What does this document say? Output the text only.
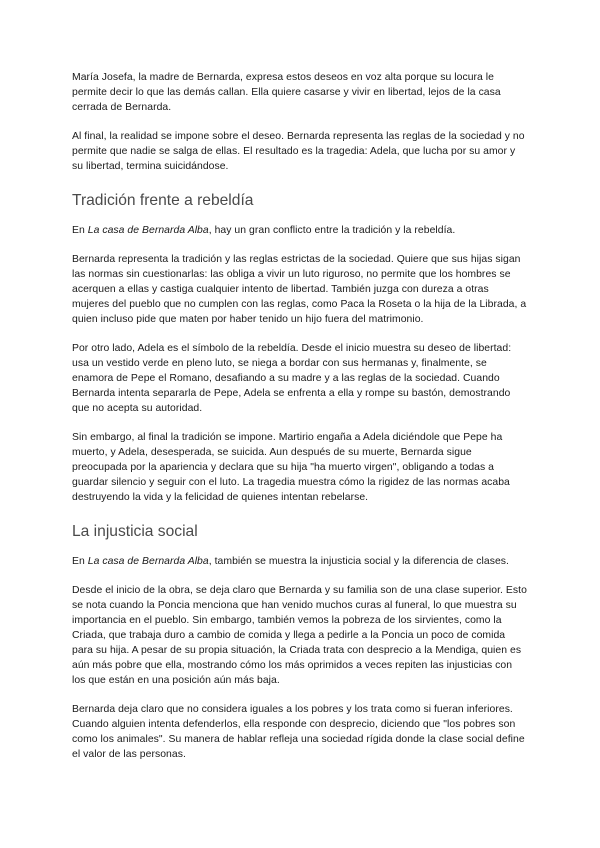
María Josefa, la madre de Bernarda, expresa estos deseos en voz alta porque su locura le permite decir lo que las demás callan. Ella quiere casarse y vivir en libertad, lejos de la casa cerrada de Bernarda.

Al final, la realidad se impone sobre el deseo. Bernarda representa las reglas de la sociedad y no permite que nadie se salga de ellas. El resultado es la tragedia: Adela, que lucha por su amor y su libertad, termina suicidándose.

Tradición frente a rebeldía

En La casa de Bernarda Alba, hay un gran conflicto entre la tradición y la rebeldía.

Bernarda representa la tradición y las reglas estrictas de la sociedad. Quiere que sus hijas sigan las normas sin cuestionarlas: las obliga a vivir un luto riguroso, no permite que los hombres se acerquen a ellas y castiga cualquier intento de libertad. También juzga con dureza a otras mujeres del pueblo que no cumplen con las reglas, como Paca la Roseta o la hija de la Librada, a quien incluso pide que maten por haber tenido un hijo fuera del matrimonio.

Por otro lado, Adela es el símbolo de la rebeldía. Desde el inicio muestra su deseo de libertad: usa un vestido verde en pleno luto, se niega a bordar con sus hermanas y, finalmente, se enamora de Pepe el Romano, desafiando a su madre y a las reglas de la sociedad. Cuando Bernarda intenta separarla de Pepe, Adela se enfrenta a ella y rompe su bastón, demostrando que no acepta su autoridad.

Sin embargo, al final la tradición se impone. Martirio engaña a Adela diciéndole que Pepe ha muerto, y Adela, desesperada, se suicida. Aun después de su muerte, Bernarda sigue preocupada por la apariencia y declara que su hija "ha muerto virgen", obligando a todas a guardar silencio y seguir con el luto. La tragedia muestra cómo la rigidez de las normas acaba destruyendo la vida y la felicidad de quienes intentan rebelarse.

La injusticia social

En La casa de Bernarda Alba, también se muestra la injusticia social y la diferencia de clases.

Desde el inicio de la obra, se deja claro que Bernarda y su familia son de una clase superior. Esto se nota cuando la Poncia menciona que han venido muchos curas al funeral, lo que muestra su importancia en el pueblo. Sin embargo, también vemos la pobreza de los sirvientes, como la Criada, que trabaja duro a cambio de comida y llega a pedirle a la Poncia un poco de comida para su hija. A pesar de su propia situación, la Criada trata con desprecio a la Mendiga, quien es aún más pobre que ella, mostrando cómo los más oprimidos a veces repiten las injusticias con los que están en una posición aún más baja.

Bernarda deja claro que no considera iguales a los pobres y los trata como si fueran inferiores. Cuando alguien intenta defenderlos, ella responde con desprecio, diciendo que "los pobres son como los animales". Su manera de hablar refleja una sociedad rígida donde la clase social define el valor de las personas.
